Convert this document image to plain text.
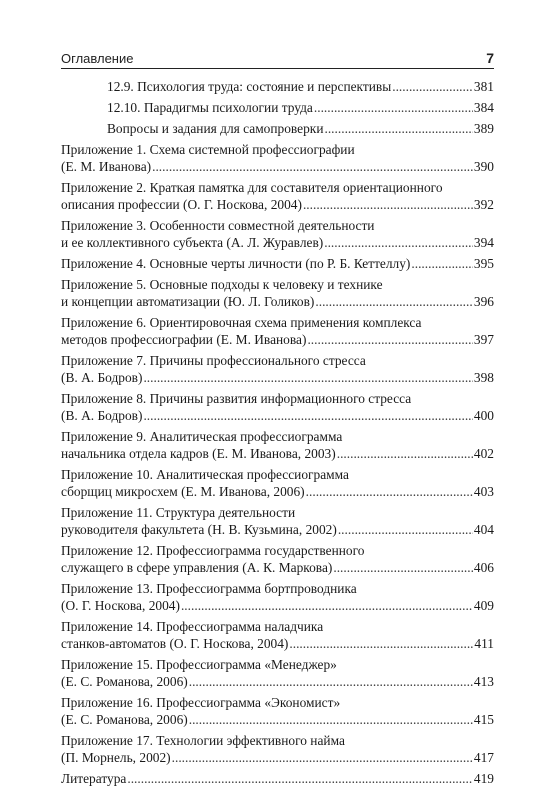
Оглавление	7
12.9. Психология труда: состояние и перспективы .....	381
12.10. Парадигмы психологии труда .....	384
Вопросы и задания для самопроверки .....	389
Приложение 1. Схема системной профессиографии
(Е. М. Иванова) .....	390
Приложение 2. Краткая памятка для составителя ориентационного
описания профессии (О. Г. Носкова, 2004) .....	392
Приложение 3. Особенности совместной деятельности
и ее коллективного субъекта (А. Л. Журавлев) .....	394
Приложение 4. Основные черты личности (по Р. Б. Кеттеллу) .....	395
Приложение 5. Основные подходы к человеку и технике
и концепции автоматизации (Ю. Л. Голиков) .....	396
Приложение 6. Ориентировочная схема применения комплекса
методов профессиографии (Е. М. Иванова) .....	397
Приложение 7. Причины профессионального стресса
(В. А. Бодров) .....	398
Приложение 8. Причины развития информационного стресса
(В. А. Бодров) .....	400
Приложение 9. Аналитическая профессиограмма
начальника отдела кадров (Е. М. Иванова, 2003) .....	402
Приложение 10. Аналитическая профессиограмма
сборщиц микросхем (Е. М. Иванова, 2006) .....	403
Приложение 11. Структура деятельности
руководителя факультета (Н. В. Кузьмина, 2002) .....	404
Приложение 12. Профессиограмма государственного
служащего в сфере управления (А. К. Маркова) .....	406
Приложение 13. Профессиограмма бортпроводника
(О. Г. Носкова, 2004) .....	409
Приложение 14. Профессиограмма наладчика
станков-автоматов (О. Г. Носкова, 2004) .....	411
Приложение 15. Профессиограмма «Менеджер»
(Е. С. Романова, 2006) .....	413
Приложение 16. Профессиограмма «Экономист»
(Е. С. Романова, 2006) .....	415
Приложение 17. Технологии эффективного найма
(П. Морнель, 2002) .....	417
Литература .....	419
